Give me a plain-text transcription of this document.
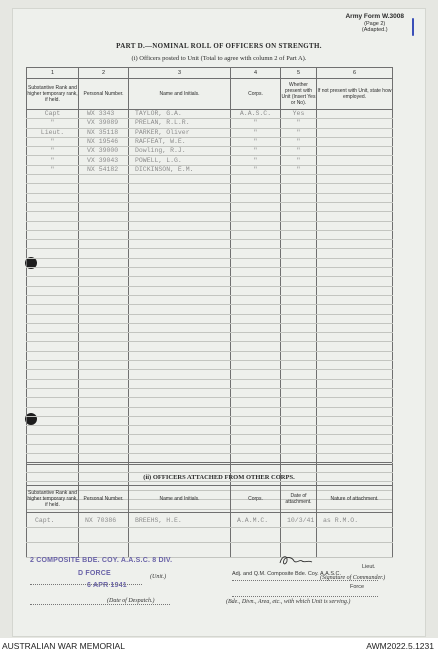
Army Form W.3008
(Page 2)
(Adapted.)
PART D.—NOMINAL ROLL OF OFFICERS ON STRENGTH.
(i) Officers posted to Unit (Total to agree with column 2 of Part A).
1	2	3	4	5	6
Substantive Rank and higher temporary rank, if held.	Personal Number.	Name and Initials.	Corps.	Whether present with Unit (Insert Yes or No).	If not present with Unit, state how employed.
Capt	WX 3343	TAYLOR, G.A.	A.A.S.C.	Yes	
"	VX 39089	PRELAN, R.L.R.	"	"	
Lieut.	NX 35118	PARKER, Oliver	"	"	
"	NX 19546	RAFFEAT, W.E.	"	"	
"	VX 39000	Dowling, R.J.	"	"	
"	VX 39043	POWELL, L.G.	"	"	
"	NX 54182	DICKINSON, E.M.	"	"	

(ii) OFFICERS ATTACHED FROM OTHER CORPS.
Substantive Rank and higher temporary rank, if held.	Personal Number.	Name and Initials.	Corps.	Date of attachment.	Nature of attachment.
Capt.	NX 70386	BREEHS, H.E.	A.A.M.C.	10/3/41	as R.M.O.

2 COMPOSITE BDE. COY. A.A.S.C. 8 DIV.
D FORCE
6 APR 1941
(Unit.)
(Date of Despatch.)
Lieut.
Adj. and Q.M. Composite Bde. Coy. A.A.S.C.
(Signature of Commander.)
Force
(Bde., Divn., Area, etc., with which Unit is serving.)
AUSTRALIAN WAR MEMORIAL	AWM2022.5.1231
